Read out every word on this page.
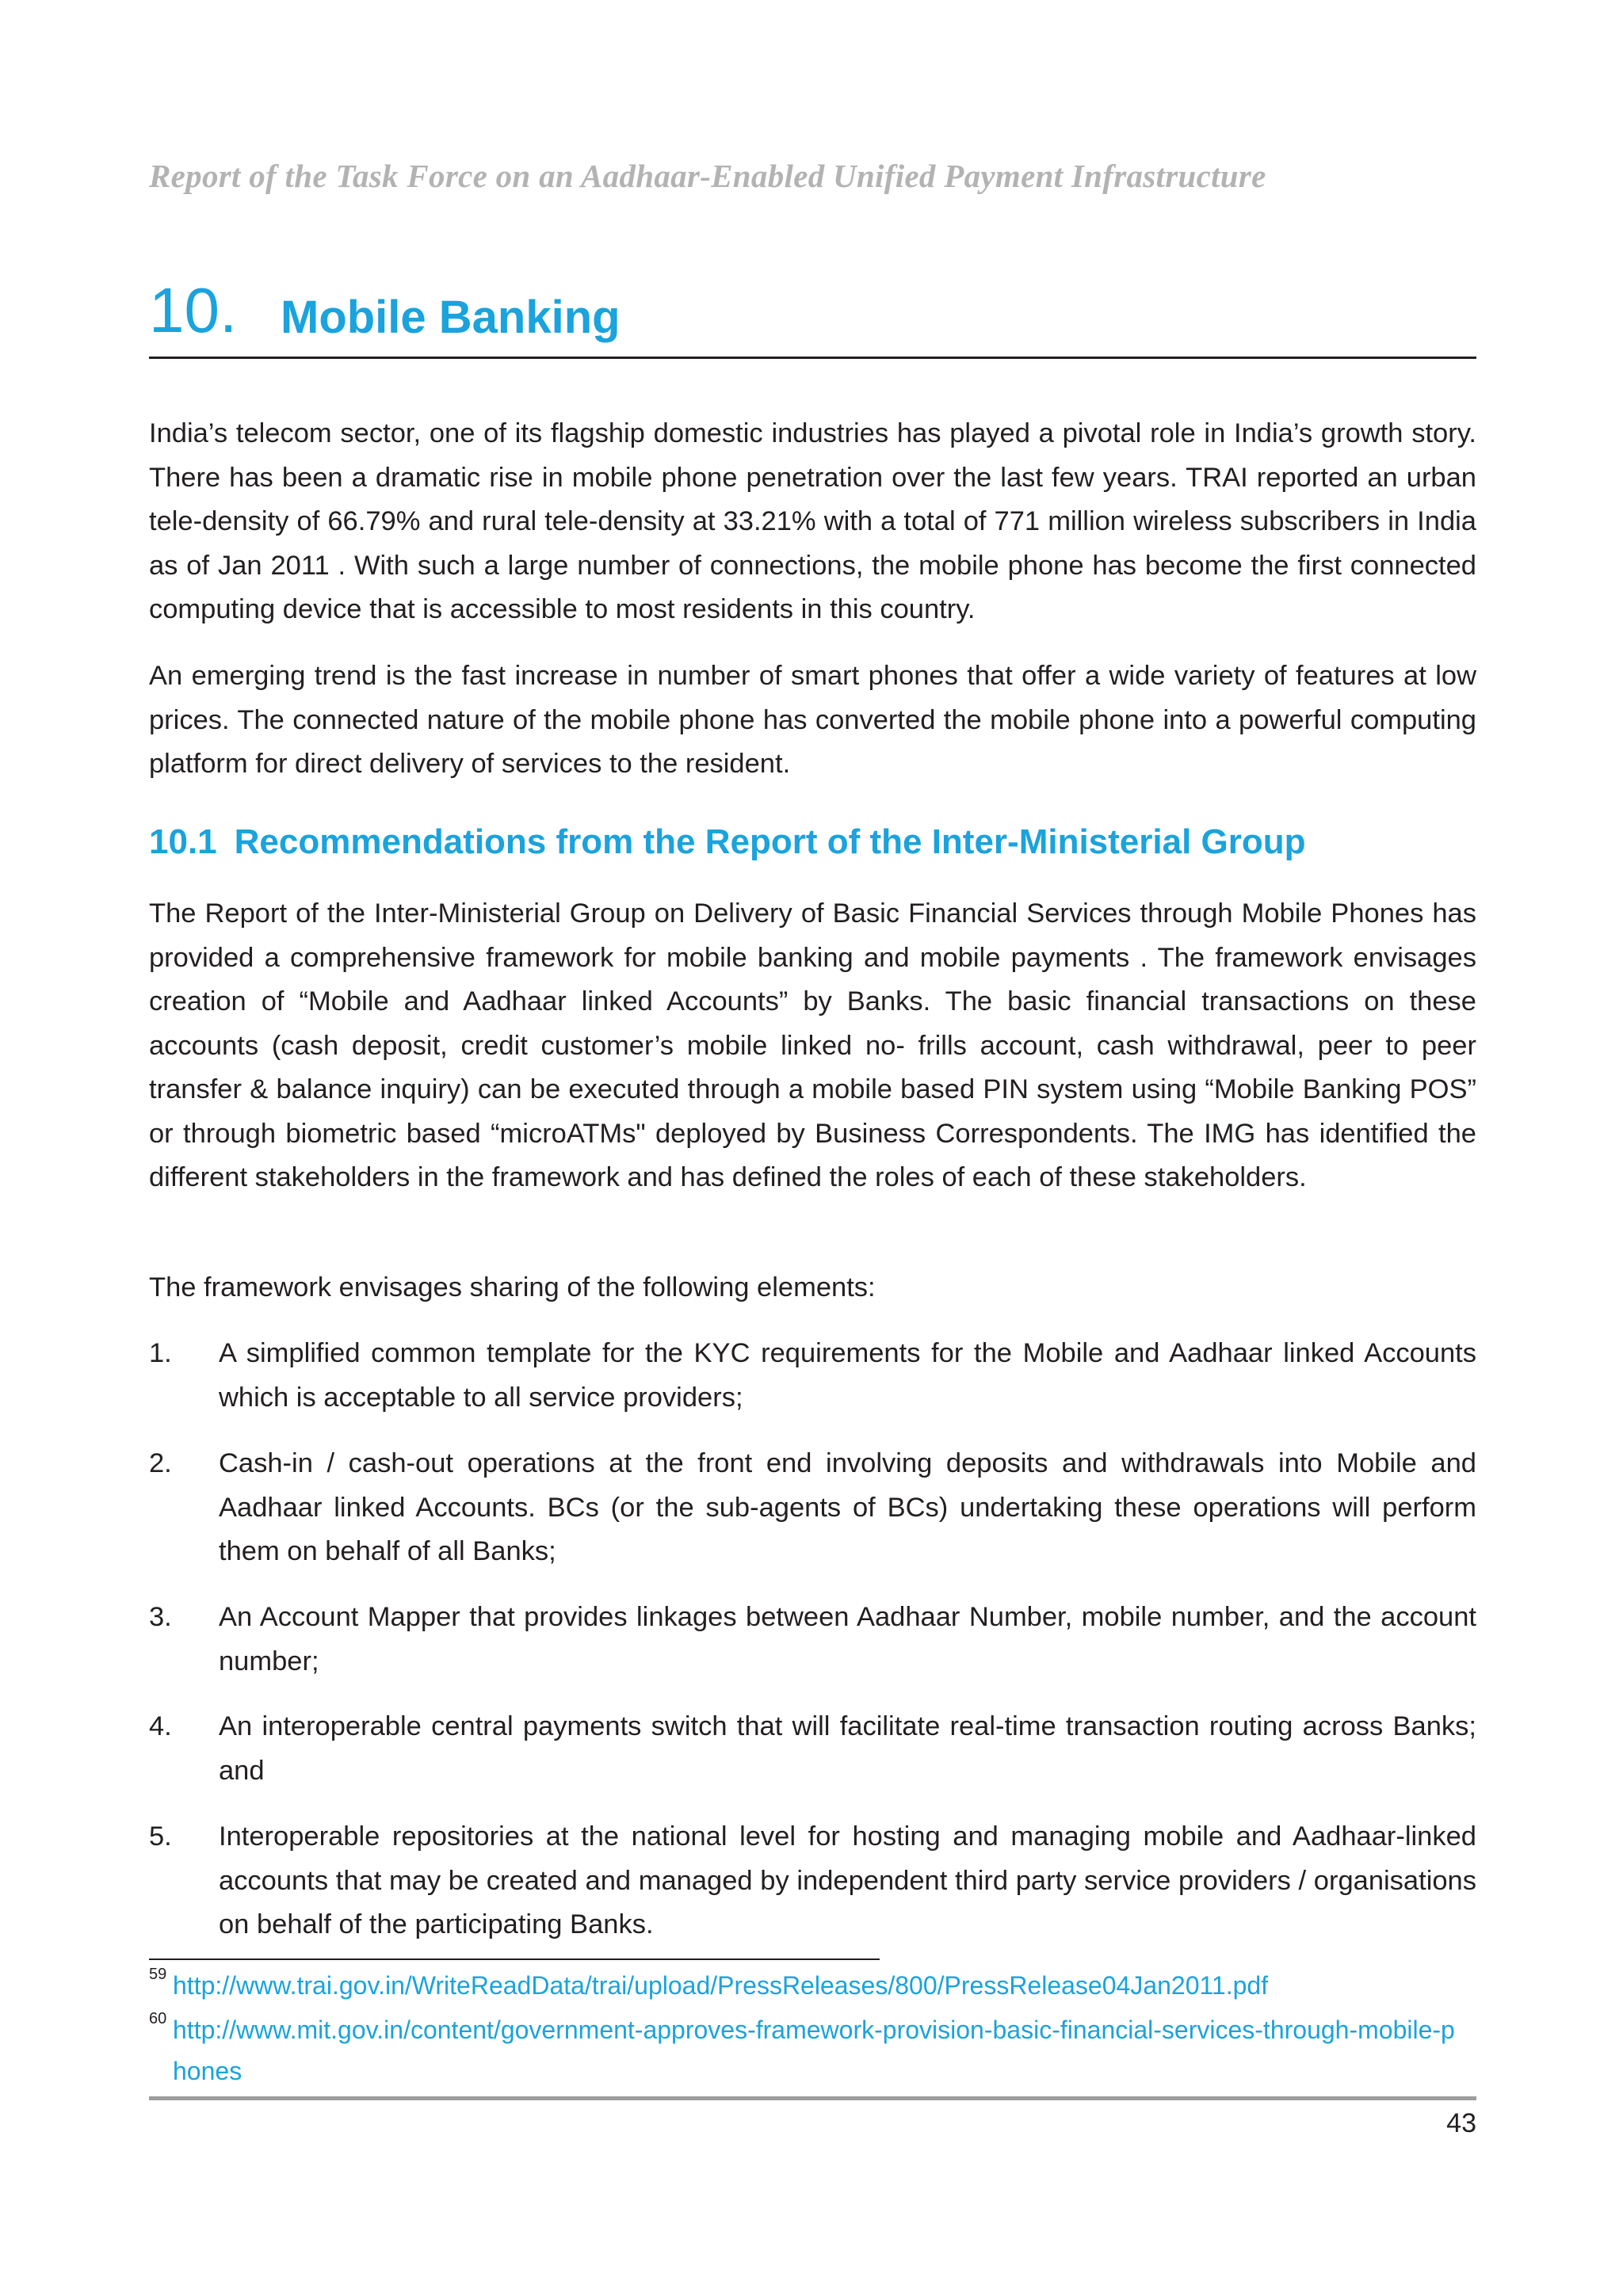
Report of the Task Force on an Aadhaar-Enabled Unified Payment Infrastructure
10. Mobile Banking

India’s telecom sector, one of its flagship domestic industries has played a pivotal role in India’s growth story. There has been a dramatic rise in mobile phone penetration over the last few years. TRAI reported an urban tele-density of 66.79% and rural tele-density at 33.21% with a total of 771 million wireless subscribers in India as of Jan 2011 . With such a large number of connections, the mobile phone has become the first connected computing device that is accessible to most residents in this country.

An emerging trend is the fast increase in number of smart phones that offer a wide variety of features at low prices. The connected nature of the mobile phone has converted the mobile phone into a powerful computing platform for direct delivery of services to the resident.

10.1 Recommendations from the Report of the Inter-Ministerial Group

The Report of the Inter-Ministerial Group on Delivery of Basic Financial Services through Mobile Phones has provided a comprehensive framework for mobile banking and mobile payments . The framework envisages creation of “Mobile and Aadhaar linked Accounts” by Banks. The basic financial transactions on these accounts (cash deposit, credit customer’s mobile linked no- frills account, cash withdrawal, peer to peer transfer & balance inquiry) can be executed through a mobile based PIN system using “Mobile Banking POS” or through biometric based “microATMs" deployed by Business Correspondents. The IMG has identified the different stakeholders in the framework and has defined the roles of each of these stakeholders.

The framework envisages sharing of the following elements:

1. A simplified common template for the KYC requirements for the Mobile and Aadhaar linked Accounts which is acceptable to all service providers;

2. Cash-in / cash-out operations at the front end involving deposits and withdrawals into Mobile and Aadhaar linked Accounts. BCs (or the sub-agents of BCs) undertaking these operations will perform them on behalf of all Banks;

3. An Account Mapper that provides linkages between Aadhaar Number, mobile number, and the account number;

4. An interoperable central payments switch that will facilitate real-time transaction routing across Banks; and

5. Interoperable repositories at the national level for hosting and managing mobile and Aadhaar-linked accounts that may be created and managed by independent third party service providers / organisations on behalf of the participating Banks.

59 http://www.trai.gov.in/WriteReadData/trai/upload/PressReleases/800/PressRelease04Jan2011.pdf
60 http://www.mit.gov.in/content/government-approves-framework-provision-basic-financial-services-through-mobile-phones
43
